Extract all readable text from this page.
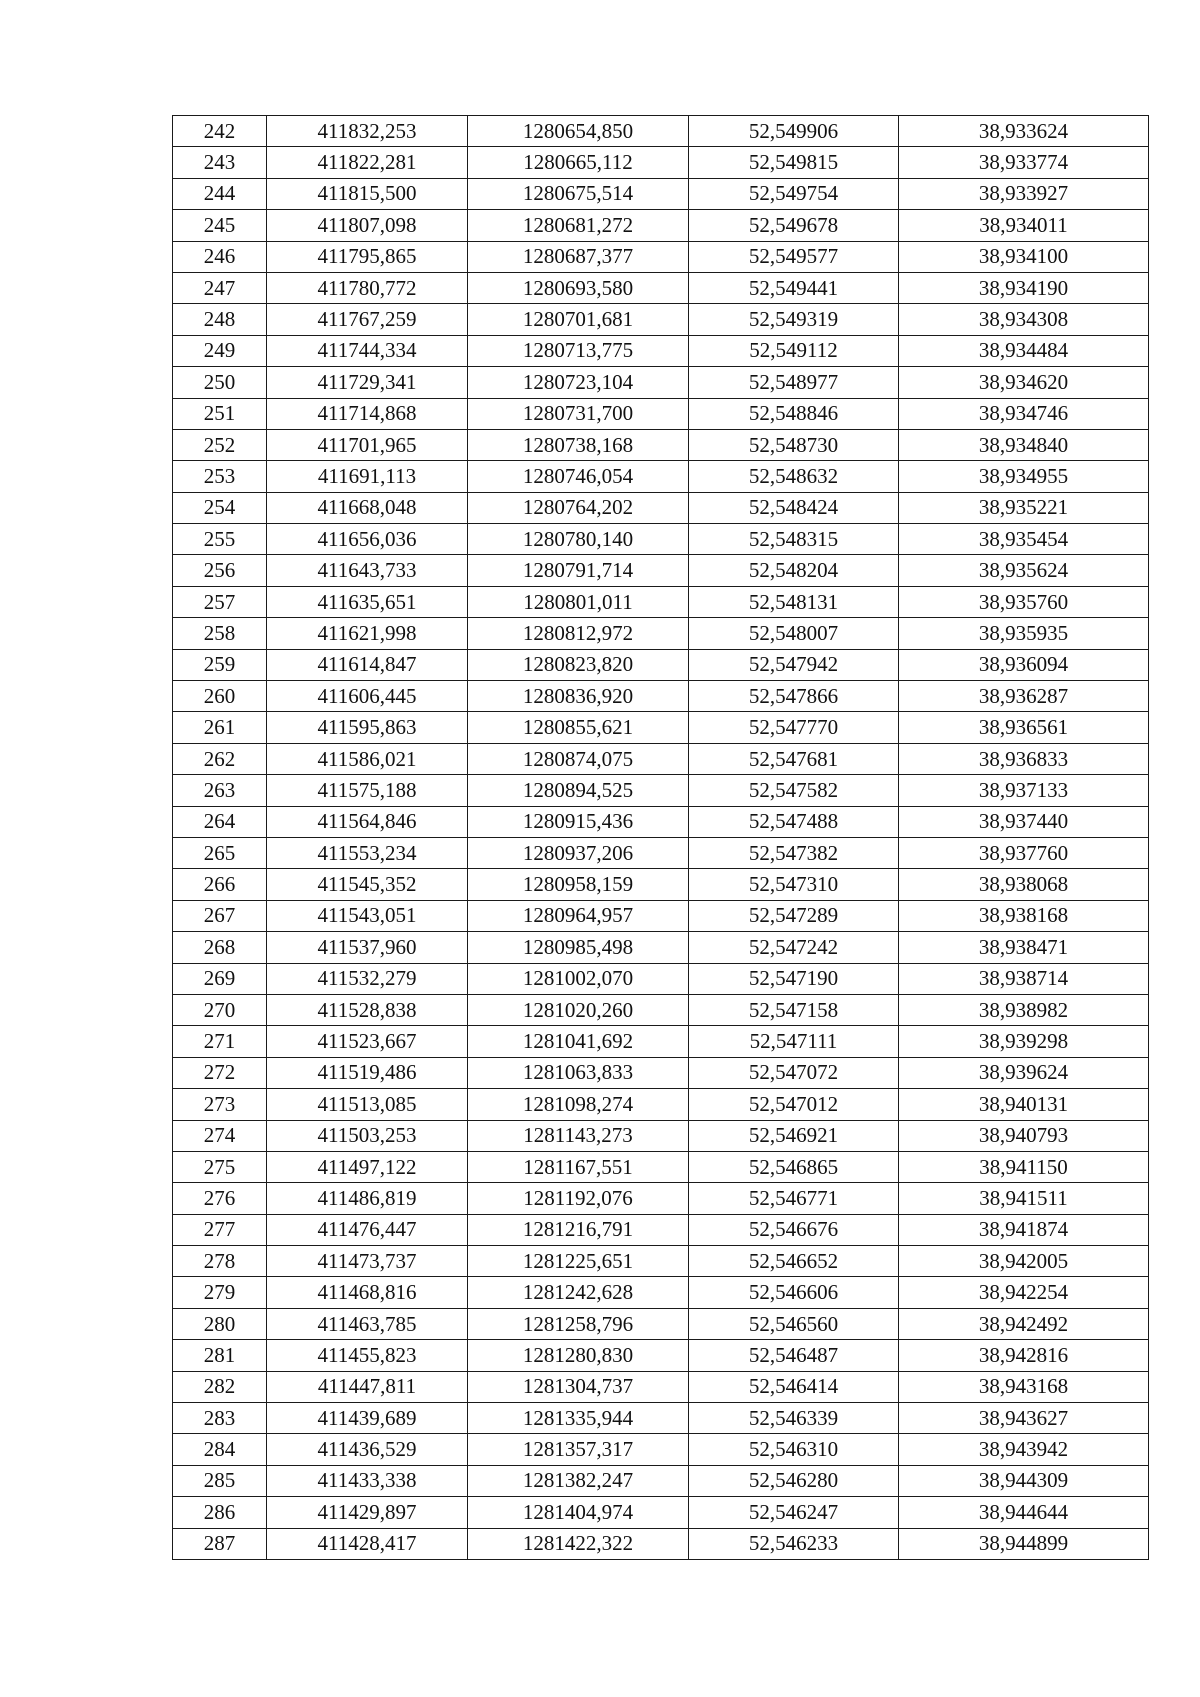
242	411832,253	1280654,850	52,549906	38,933624
243	411822,281	1280665,112	52,549815	38,933774
244	411815,500	1280675,514	52,549754	38,933927
245	411807,098	1280681,272	52,549678	38,934011
246	411795,865	1280687,377	52,549577	38,934100
247	411780,772	1280693,580	52,549441	38,934190
248	411767,259	1280701,681	52,549319	38,934308
249	411744,334	1280713,775	52,549112	38,934484
250	411729,341	1280723,104	52,548977	38,934620
251	411714,868	1280731,700	52,548846	38,934746
252	411701,965	1280738,168	52,548730	38,934840
253	411691,113	1280746,054	52,548632	38,934955
254	411668,048	1280764,202	52,548424	38,935221
255	411656,036	1280780,140	52,548315	38,935454
256	411643,733	1280791,714	52,548204	38,935624
257	411635,651	1280801,011	52,548131	38,935760
258	411621,998	1280812,972	52,548007	38,935935
259	411614,847	1280823,820	52,547942	38,936094
260	411606,445	1280836,920	52,547866	38,936287
261	411595,863	1280855,621	52,547770	38,936561
262	411586,021	1280874,075	52,547681	38,936833
263	411575,188	1280894,525	52,547582	38,937133
264	411564,846	1280915,436	52,547488	38,937440
265	411553,234	1280937,206	52,547382	38,937760
266	411545,352	1280958,159	52,547310	38,938068
267	411543,051	1280964,957	52,547289	38,938168
268	411537,960	1280985,498	52,547242	38,938471
269	411532,279	1281002,070	52,547190	38,938714
270	411528,838	1281020,260	52,547158	38,938982
271	411523,667	1281041,692	52,547111	38,939298
272	411519,486	1281063,833	52,547072	38,939624
273	411513,085	1281098,274	52,547012	38,940131
274	411503,253	1281143,273	52,546921	38,940793
275	411497,122	1281167,551	52,546865	38,941150
276	411486,819	1281192,076	52,546771	38,941511
277	411476,447	1281216,791	52,546676	38,941874
278	411473,737	1281225,651	52,546652	38,942005
279	411468,816	1281242,628	52,546606	38,942254
280	411463,785	1281258,796	52,546560	38,942492
281	411455,823	1281280,830	52,546487	38,942816
282	411447,811	1281304,737	52,546414	38,943168
283	411439,689	1281335,944	52,546339	38,943627
284	411436,529	1281357,317	52,546310	38,943942
285	411433,338	1281382,247	52,546280	38,944309
286	411429,897	1281404,974	52,546247	38,944644
287	411428,417	1281422,322	52,546233	38,944899
